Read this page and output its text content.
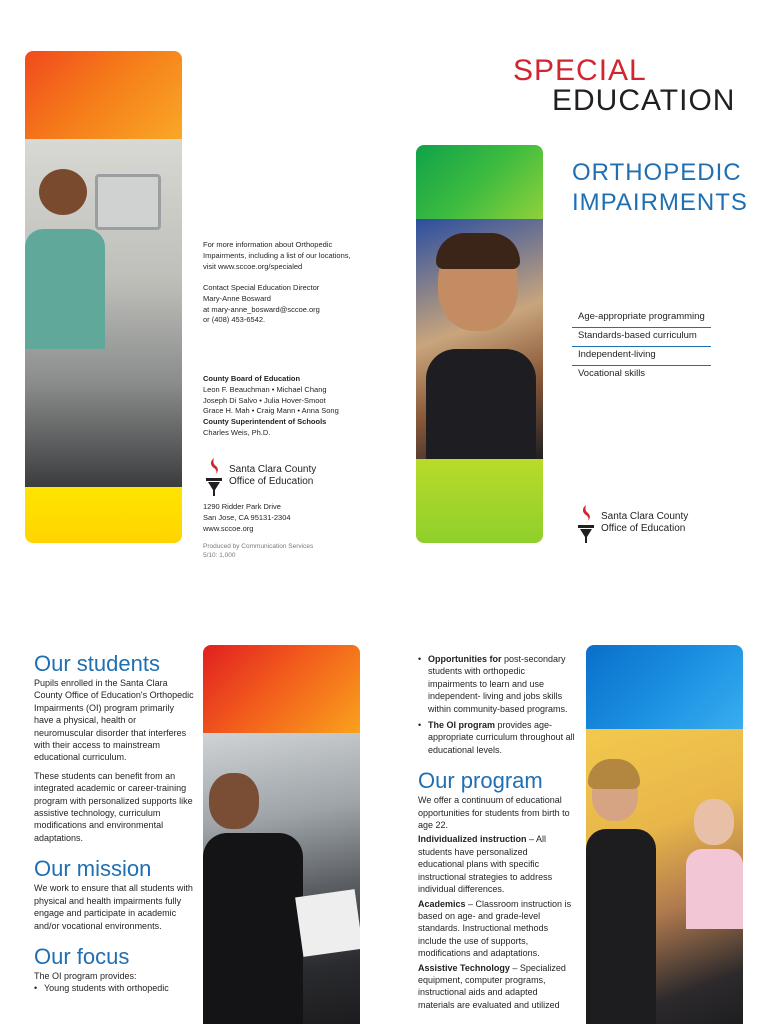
For more information about Orthopedic
Impairments, including a list of our locations,
visit www.sccoe.org/specialed
Contact Special Education Director
Mary-Anne Bosward
at mary-anne_bosward@sccoe.org
or (408) 453-6542.
County Board of Education
Leon F. Beauchman • Michael Chang
Joseph Di Salvo • Julia Hover-Smoot
Grace H. Mah • Craig Mann • Anna Song
County Superintendent of Schools
Charles Weis, Ph.D.
Santa Clara County
Office of Education
1290 Ridder Park Drive
San Jose, CA 95131-2304
www.sccoe.org
Produced by Communication Services
5/10: 1,000
SPECIAL
EDUCATION
ORTHOPEDIC
IMPAIRMENTS
Age-appropriate programming
Standards-based curriculum
Independent-living
Vocational skills
Santa Clara County
Office of Education
Our students

Pupils enrolled in the Santa Clara County Office of Education's Orthopedic Impairments (OI) program primarily have a physical, health or neuromuscular disorder that interferes with their access to mainstream educational curriculum.

These students can benefit from an integrated academic or career-training program with personalized supports like assistive technology, curriculum modifications and environmental adaptations.

Our mission

We work to ensure that all students with physical and health impairments fully engage and participate in academic and/or vocational environments.

Our focus

The OI program provides:

• Young students with orthopedic
• Opportunities for post-secondary students with orthopedic impairments to learn and use independent- living and jobs skills within community-based programs.
• The OI program provides age-appropriate curriculum throughout all educational levels.
Our program

We offer a continuum of educational opportunities for students from birth to age 22.

Individualized instruction – All students have personalized educational plans with specific instructional strategies to address individual differences.

Academics – Classroom instruction is based on age- and grade-level standards. Instructional methods include the use of supports, modifications and adaptations.

Assistive Technology – Specialized equipment, computer programs, instructional aids and adapted materials are evaluated and utilized
